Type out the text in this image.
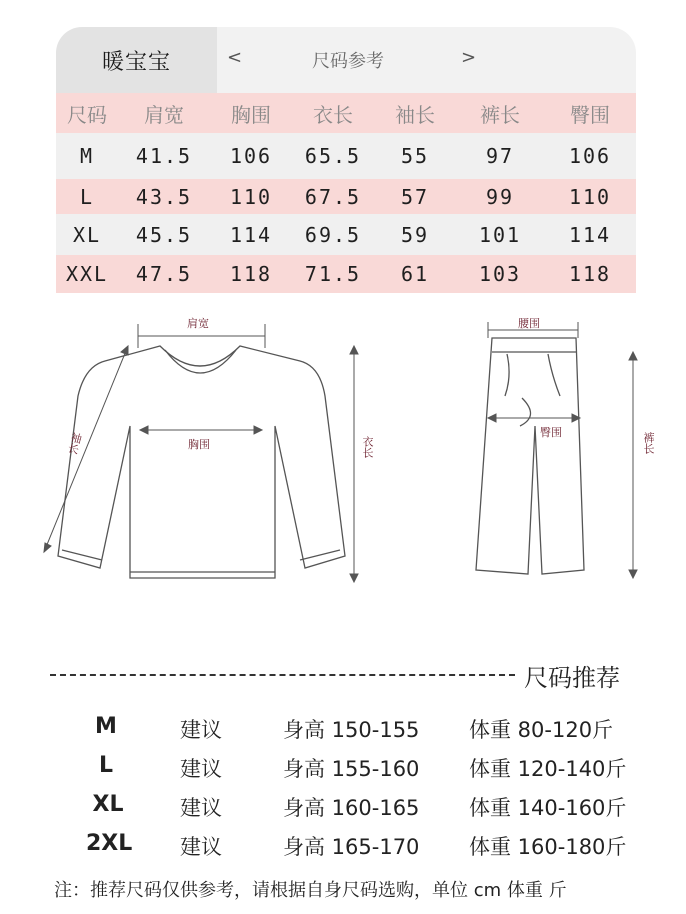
暖宝宝	<	尺码参考	>
尺码	肩宽	胸围	衣长	袖长	裤长	臀围
M	41.5	106	65.5	55	97	106
L	43.5	110	67.5	57	99	110
XL	45.5	114	69.5	59	101	114
XXL	47.5	118	71.5	61	103	118
肩宽
胸围
袖长	衣长
腰围
臀围	裤长
尺码推荐
M	建议	身高 150-155 体重 80-120斤
L	建议	身高 155-160 体重 120-140斤
XL	建议	身高 160-165 体重 140-160斤
2XL 建议	身高 165-170 体重 160-180斤
注：推荐尺码仅供参考，请根据自身尺码选购，单位 cm 体重 斤
